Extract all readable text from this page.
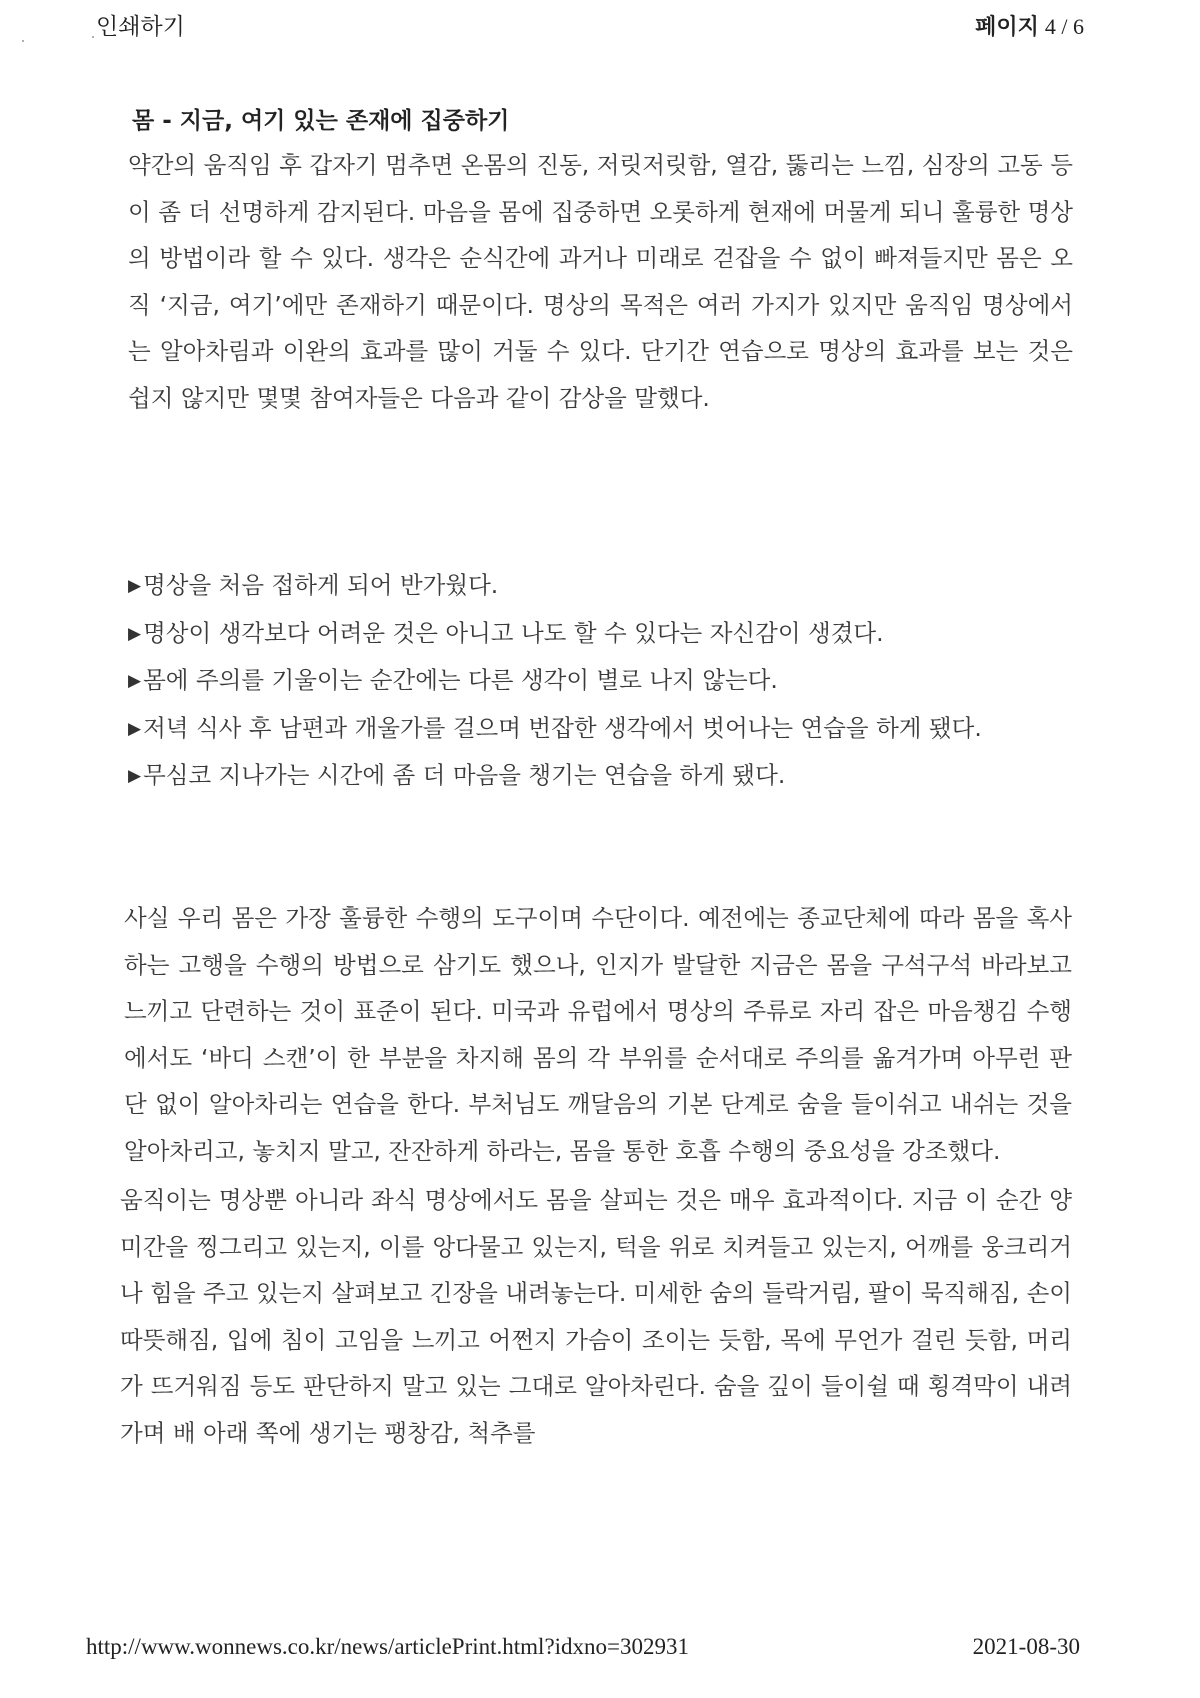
인쇄하기	페이지 4 / 6
몸 - 지금, 여기 있는 존재에 집중하기

약간의 움직임 후 갑자기 멈추면 온몸의 진동, 저릿저릿함, 열감, 뚫리는 느낌, 심장의 고동 등이 좀 더 선명하게 감지된다. 마음을 몸에 집중하면 오롯하게 현재에 머물게 되니 훌륭한 명상의 방법이라 할 수 있다. 생각은 순식간에 과거나 미래로 걷잡을 수 없이 빠져들지만 몸은 오직 ‘지금, 여기’에만 존재하기 때문이다. 명상의 목적은 여러 가지가 있지만 움직임 명상에서는 알아차림과 이완의 효과를 많이 거둘 수 있다. 단기간 연습으로 명상의 효과를 보는 것은 쉽지 않지만 몇몇 참여자들은 다음과 같이 감상을 말했다.

▶명상을 처음 접하게 되어 반가웠다.
▶명상이 생각보다 어려운 것은 아니고 나도 할 수 있다는 자신감이 생겼다.
▶몸에 주의를 기울이는 순간에는 다른 생각이 별로 나지 않는다.
▶저녁 식사 후 남편과 개울가를 걸으며 번잡한 생각에서 벗어나는 연습을 하게 됐다.
▶무심코 지나가는 시간에 좀 더 마음을 챙기는 연습을 하게 됐다.

사실 우리 몸은 가장 훌륭한 수행의 도구이며 수단이다. 예전에는 종교단체에 따라 몸을 혹사하는 고행을 수행의 방법으로 삼기도 했으나, 인지가 발달한 지금은 몸을 구석구석 바라보고 느끼고 단련하는 것이 표준이 된다. 미국과 유럽에서 명상의 주류로 자리 잡은 마음챙김 수행에서도 ‘바디 스캔’이 한 부분을 차지해 몸의 각 부위를 순서대로 주의를 옮겨가며 아무런 판단 없이 알아차리는 연습을 한다. 부처님도 깨달음의 기본 단계로 숨을 들이쉬고 내쉬는 것을 알아차리고, 놓치지 말고, 잔잔하게 하라는, 몸을 통한 호흡 수행의 중요성을 강조했다.

움직이는 명상뿐 아니라 좌식 명상에서도 몸을 살피는 것은 매우 효과적이다. 지금 이 순간 양미간을 찡그리고 있는지, 이를 앙다물고 있는지, 턱을 위로 치켜들고 있는지, 어깨를 웅크리거나 힘을 주고 있는지 살펴보고 긴장을 내려놓는다. 미세한 숨의 들락거림, 팔이 묵직해짐, 손이 따뜻해짐, 입에 침이 고임을 느끼고 어쩐지 가슴이 조이는 듯함, 목에 무언가 걸린 듯함, 머리가 뜨거워짐 등도 판단하지 말고 있는 그대로 알아차린다. 숨을 깊이 들이쉴 때 횡격막이 내려가며 배 아래 쪽에 생기는 팽창감, 척추를

http://www.wonnews.co.kr/news/articlePrint.html?idxno=302931	2021-08-30
